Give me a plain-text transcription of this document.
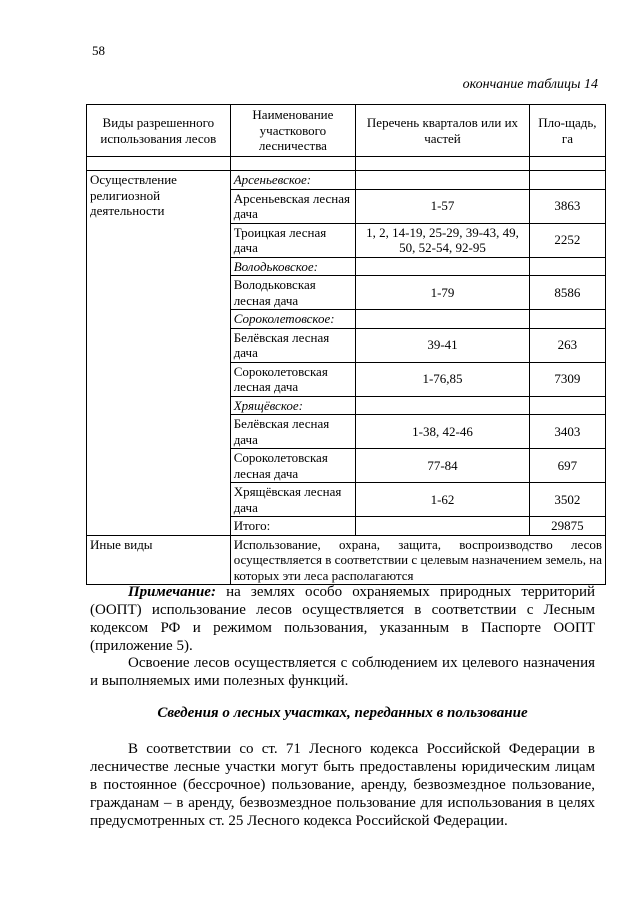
58
окончание таблицы 14
Виды разрешенного использования лесов	Наименование участкового лесничества	Перечень кварталов или их частей	Пло-щадь, га

Осуществление религиозной деятельности	Арсеньевское:		
	Арсеньевская лесная дача	1-57	3863
	Троицкая лесная дача	1, 2, 14-19, 25-29, 39-43, 49, 50, 52-54, 92-95	2252
	Володьковское:		
	Володьковская лесная дача	1-79	8586
	Сороколетовское:		
	Белёвская лесная дача	39-41	263
	Сороколетовская лесная дача	1-76,85	7309
	Хрящёвское:		
	Белёвская лесная дача	1-38, 42-46	3403
	Сороколетовская лесная дача	77-84	697
	Хрящёвская лесная дача	1-62	3502
	Итого:		29875
Иные виды	Использование, охрана, защита, воспроизводство лесов осуществляется в соответствии с целевым назначением земель, на которых эти леса располагаются		

Примечание: на землях особо охраняемых природных территорий (ООПТ) использование лесов осуществляется в соответствии с Лесным кодексом РФ и режимом пользования, указанным в Паспорте ООПТ (приложение 5).

Освоение лесов осуществляется с соблюдением их целевого назначения и выполняемых ими полезных функций.

Сведения о лесных участках, переданных в пользование

В соответствии со ст. 71 Лесного кодекса Российской Федерации в лесничестве лесные участки могут быть предоставлены юридическим лицам в постоянное (бессрочное) пользование, аренду, безвозмездное пользование, гражданам – в аренду, безвозмездное пользование для использования в целях предусмотренных ст. 25 Лесного кодекса Российской Федерации.
